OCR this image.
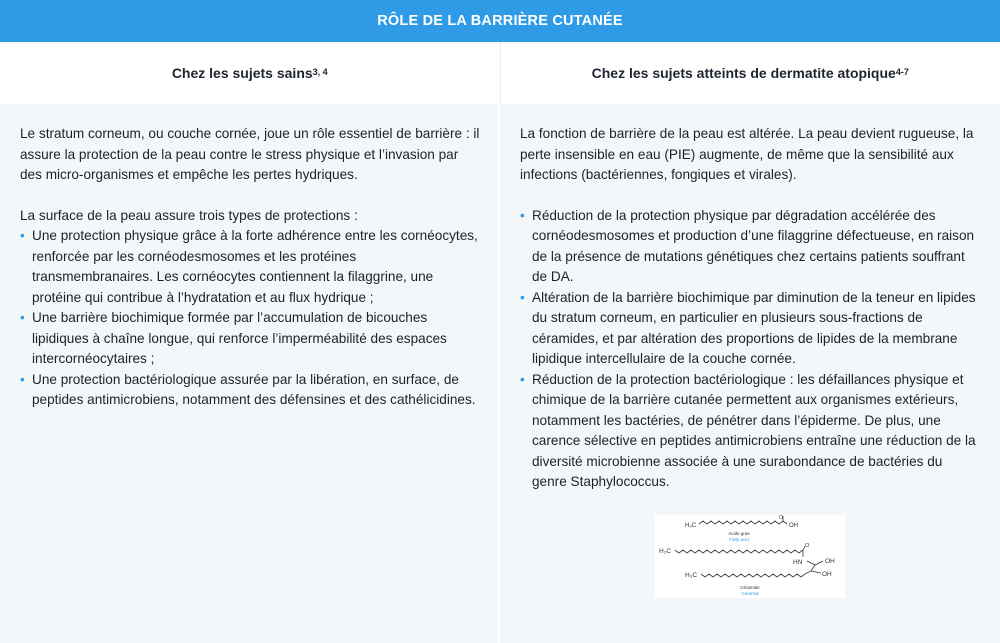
RÔLE DE LA BARRIÈRE CUTANÉE
Chez les sujets sains$^{3, 4}$	Chez les sujets atteints de dermatite atopique$^{4-7}$

Le stratum corneum, ou couche cornée, joue un rôle essentiel de barrière : il assure la protection de la peau contre le stress physique et l’invasion par des micro-organismes et empêche les pertes hydriques.

La surface de la peau assure trois types de protections :

• Une protection physique grâce à la forte adhérence entre les cornéocytes, renforcée par les cornéodesmosomes et les protéines transmembranaires. Les cornéocytes contiennent la filaggrine, une protéine qui contribue à l’hydratation et au flux hydrique ;
• Une barrière biochimique formée par l’accumulation de bicouches lipidiques à chaîne longue, qui renforce l’imperméabilité des espaces intercornéocytaires ;
• Une protection bactériologique assurée par la libération, en surface, de peptides antimicrobiens, notamment des défensines et des cathélicidines.

La fonction de barrière de la peau est altérée. La peau devient rugueuse, la perte insensible en eau (PIE) augmente, de même que la sensibilité aux infections (bactériennes, fongiques et virales).

• Réduction de la protection physique par dégradation accélérée des cornéodesmosomes et production d’une filaggrine défectueuse, en raison de la présence de mutations génétiques chez certains patients souffrant de DA.
• Altération de la barrière biochimique par diminution de la teneur en lipides du stratum corneum, en particulier en plusieurs sous-fractions de céramides, et par altération des proportions de lipides de la membrane lipidique intercellulaire de la couche cornée.
• Réduction de la protection bactériologique : les défaillances physique et chimique de la barrière cutanée permettent aux organismes extérieurs, notamment les bactéries, de pénétrer dans l’épiderme. De plus, une carence sélective en peptides antimicrobiens entraîne une réduction de la diversité microbienne associée à une surabondance de bactéries du genre Staphylococcus.
H₃C
O
OH
Acide gras
Fatty acid
H₃C
O
HN	OH
H₃C	OH
Céramide
Ceramid
